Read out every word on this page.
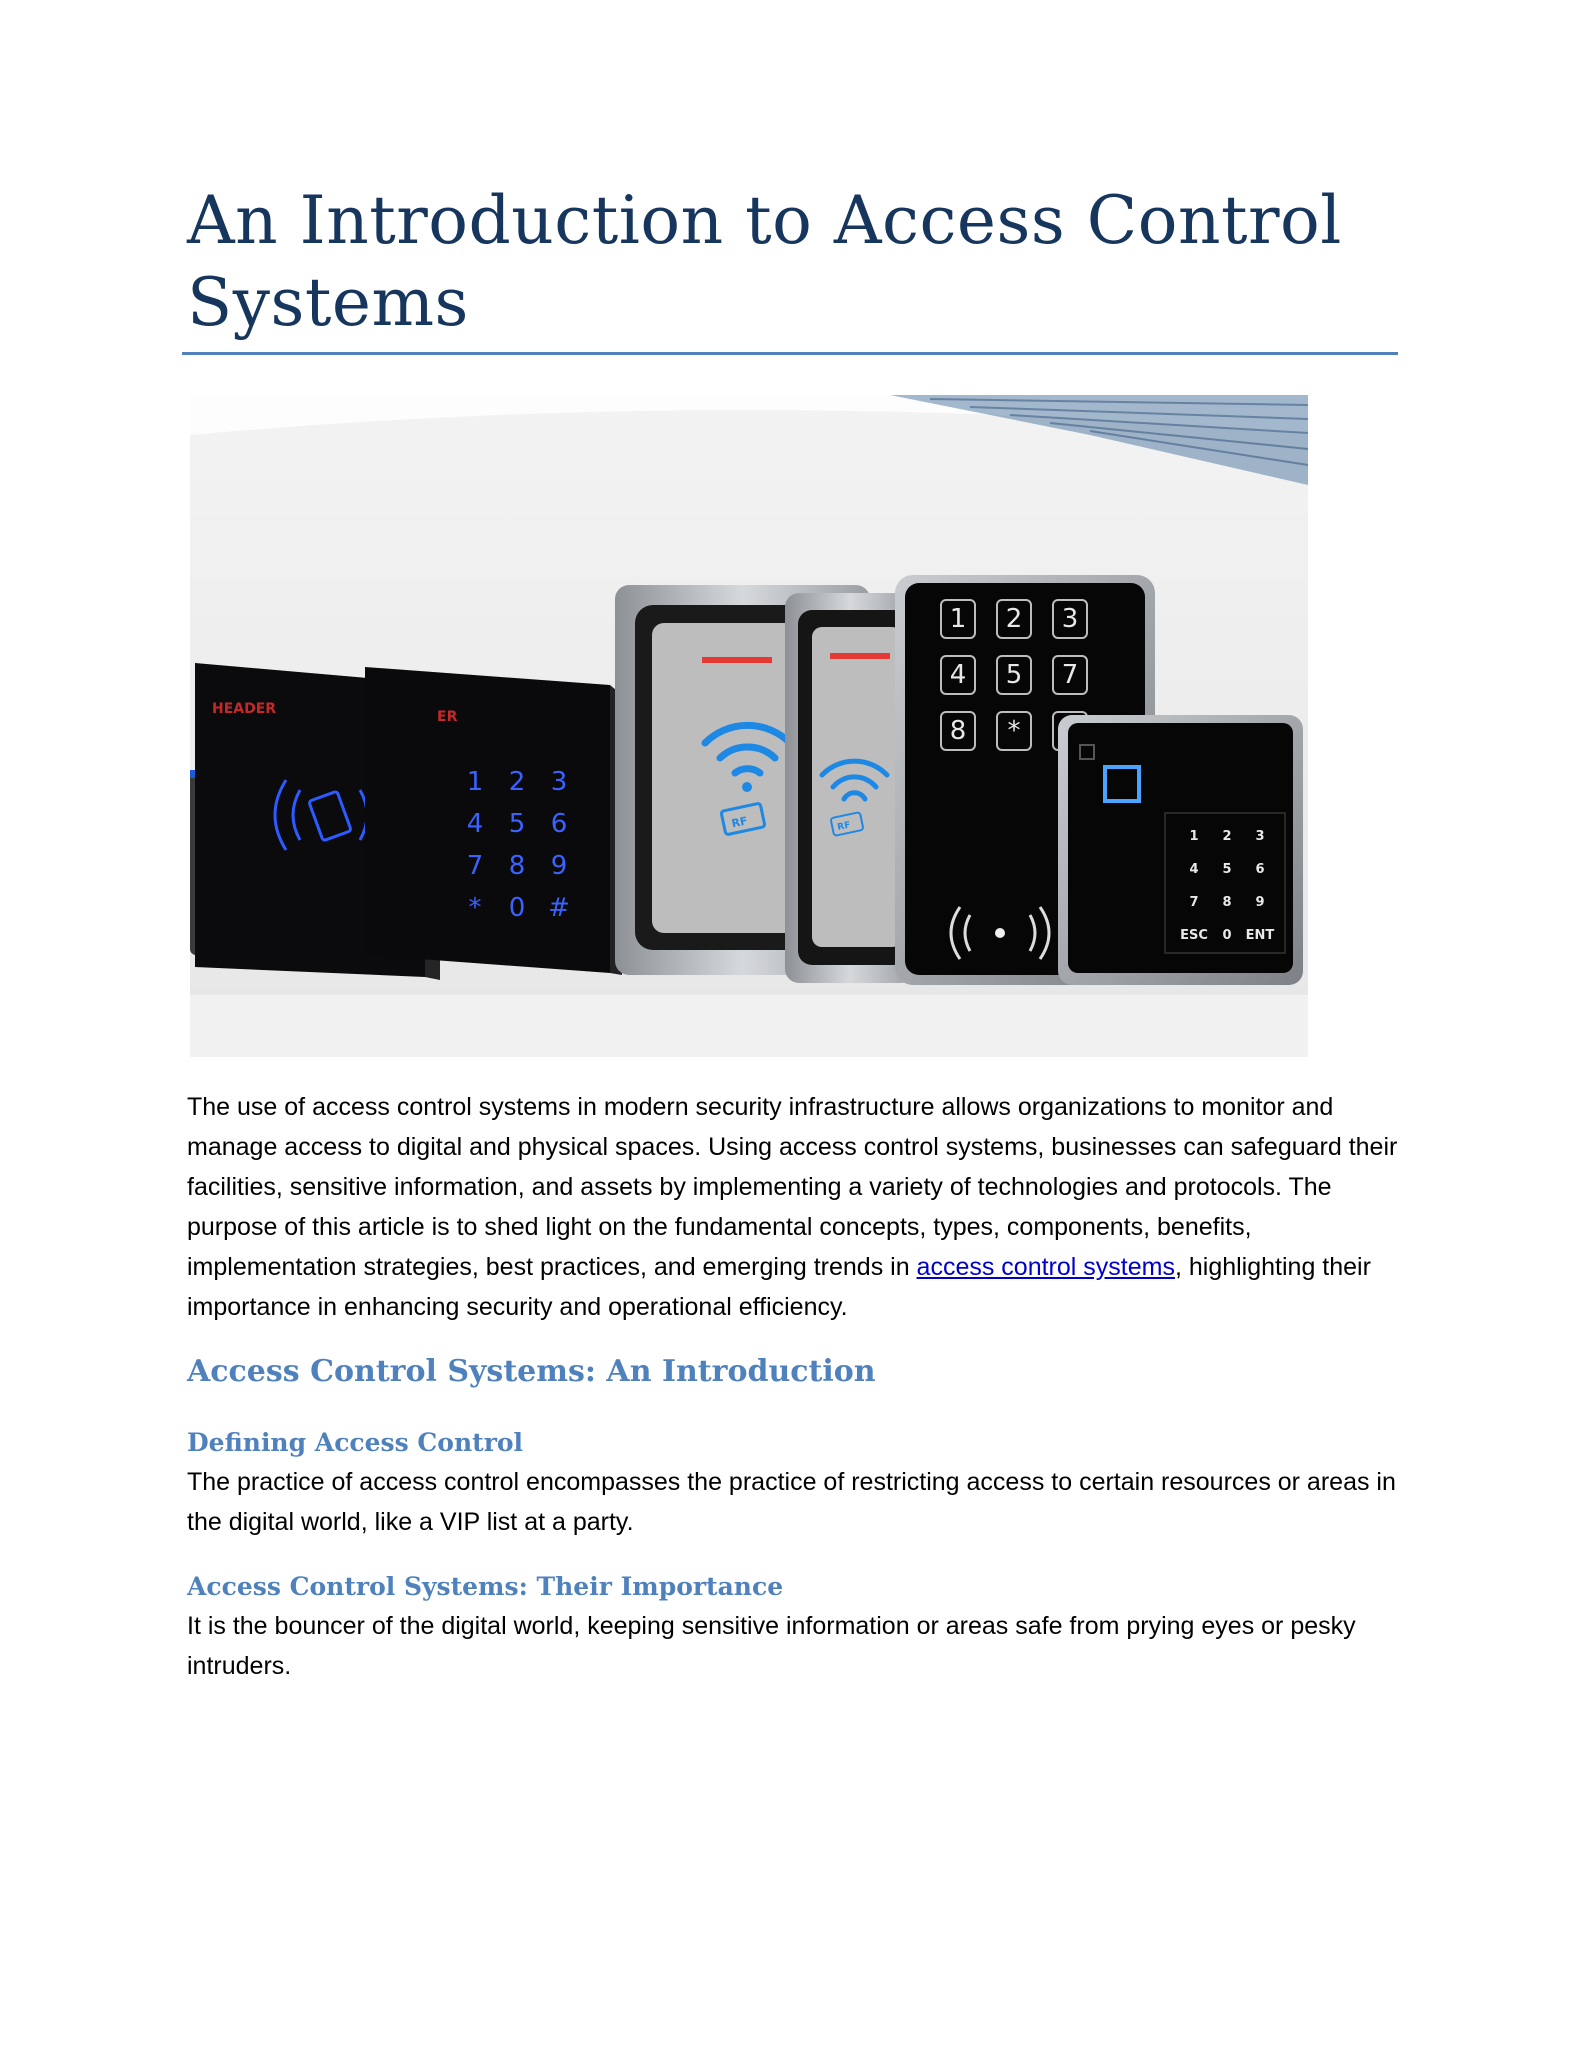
An Introduction to Access Control Systems
HEADER	ER
1 2 3
4 5 6
7 8 9
* 0 #
RF	RF
1 2 3
4 5 7
8 *
1 2 3
4 5 6
7 8 9
ESC 0 ENT

The use of access control systems in modern security infrastructure allows organizations to monitor and manage access to digital and physical spaces. Using access control systems, businesses can safeguard their facilities, sensitive information, and assets by implementing a variety of technologies and protocols. The purpose of this article is to shed light on the fundamental concepts, types, components, benefits, implementation strategies, best practices, and emerging trends in access control systems, highlighting their importance in enhancing security and operational efficiency.

Access Control Systems: An Introduction
Defining Access Control

The practice of access control encompasses the practice of restricting access to certain resources or areas in the digital world, like a VIP list at a party.

Access Control Systems: Their Importance

It is the bouncer of the digital world, keeping sensitive information or areas safe from prying eyes or pesky intruders.
